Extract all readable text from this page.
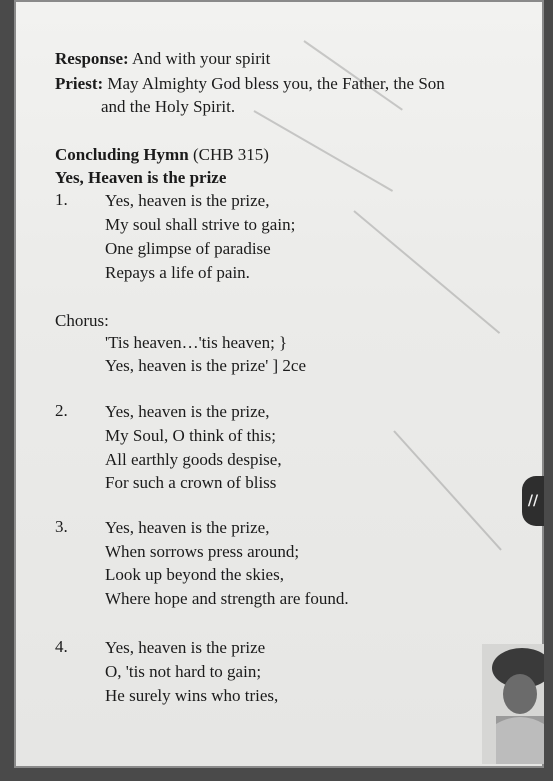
Response: And with your spirit
Priest: May Almighty God bless you, the Father, the Son
and the Holy Spirit.
Concluding Hymn (CHB 315)
Yes, Heaven is the prize
1. Yes, heaven is the prize,
My soul shall strive to gain;
One glimpse of paradise
Repays a life of pain.
Chorus:
'Tis heaven…'tis heaven; }
Yes, heaven is the prize' ] 2ce
2. Yes, heaven is the prize,
My Soul, O think of this;
All earthly goods despise,
For such a crown of bliss
3. Yes, heaven is the prize,
When sorrows press around;
Look up beyond the skies,
Where hope and strength are found.
4. Yes, heaven is the prize
O, 'tis not hard to gain;
He surely wins who tries,
//
